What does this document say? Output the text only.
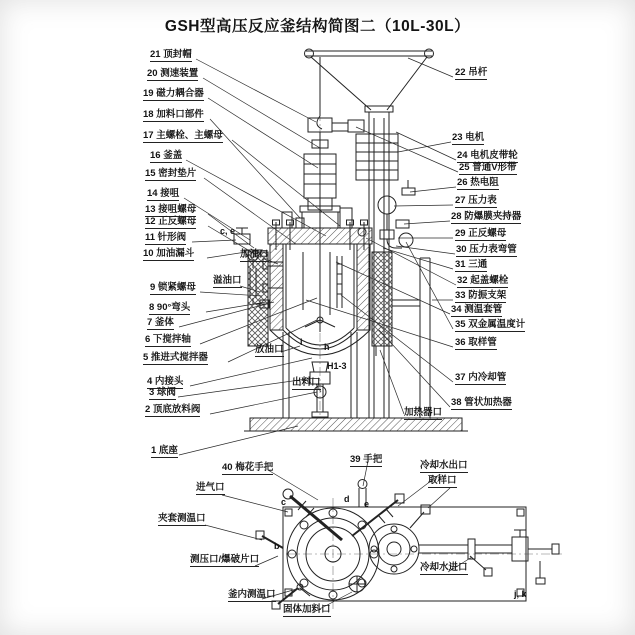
GSH型高压反应釜结构简图二（10L-30L）
21 顶封帽
20 测速装置
19 磁力耦合器
18 加料口部件
17 主螺栓、主螺母
16 釜盖
15 密封垫片
14 接咀
13 接咀螺母
12 正反螺母
11 针形阀
10 加油漏斗
9 锁紧螺母
8 90°弯头
7 釜体
6 下搅拌轴
5 推进式搅拌器
4 内接头
3 球阀
2 顶底放料阀
1 底座
22 吊杆
23 电机
24 电机皮带轮
25 普通V形带
26 热电阻
27 压力表
28 防爆膜夹持器
29 正反螺母
30 压力表弯管
31 三通
32 起盖螺栓
33 防振支架
34 测温套管
35 双金属温度计
36 取样管
37 内冷却管
38 管状加热器
加油口
溢油口
放油口
出料口
加热器口
40 梅花手把
39 手把
冷却水出口
取样口
进气口
夹套测温口
测压口/爆破片口
冷却水进口
釜内测温口
固体加料口
c, e
i h
H1-3
c	d e
b
j, k
